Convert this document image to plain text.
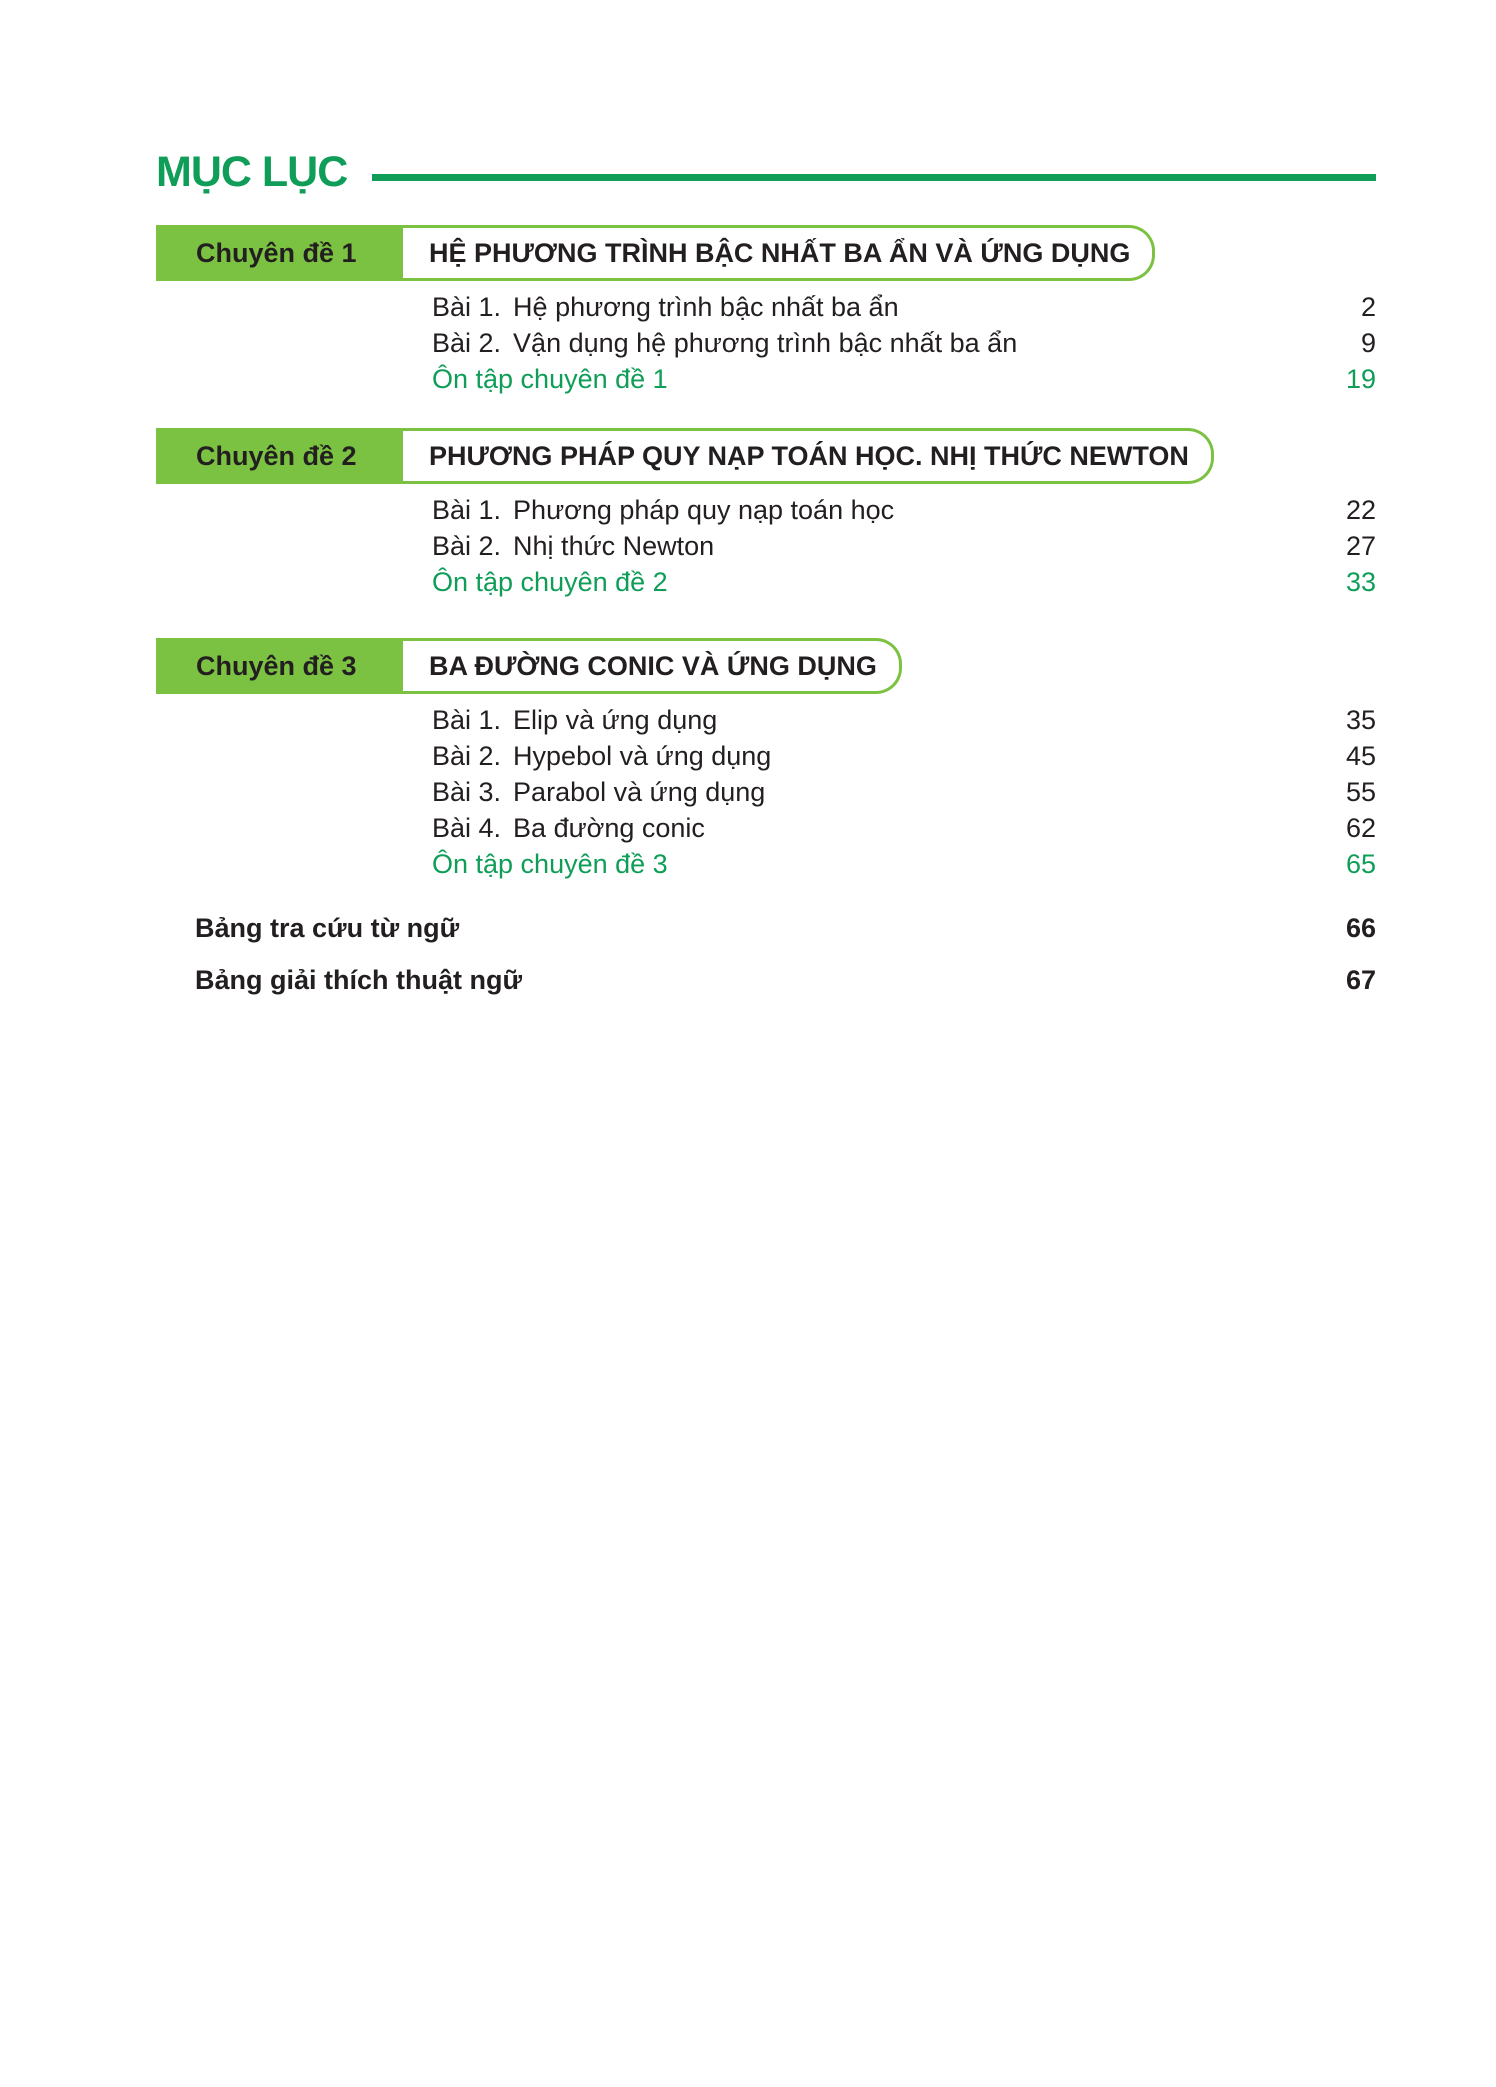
MỤC LỤC
Chuyên đề 1	HỆ PHƯƠNG TRÌNH BẬC NHẤT BA ẨN VÀ ỨNG DỤNG
Bài 1. Hệ phương trình bậc nhất ba ẩn	2
Bài 2. Vận dụng hệ phương trình bậc nhất ba ẩn	9
Ôn tập chuyên đề 1	19
Chuyên đề 2	PHƯƠNG PHÁP QUY NẠP TOÁN HỌC. NHỊ THỨC NEWTON
Bài 1. Phương pháp quy nạp toán học	22
Bài 2. Nhị thức Newton	27
Ôn tập chuyên đề 2	33
Chuyên đề 3	BA ĐƯỜNG CONIC VÀ ỨNG DỤNG
Bài 1. Elip và ứng dụng	35
Bài 2. Hypebol và ứng dụng	45
Bài 3. Parabol và ứng dụng	55
Bài 4. Ba đường conic	62
Ôn tập chuyên đề 3	65
Bảng tra cứu từ ngữ	66
Bảng giải thích thuật ngữ	67
